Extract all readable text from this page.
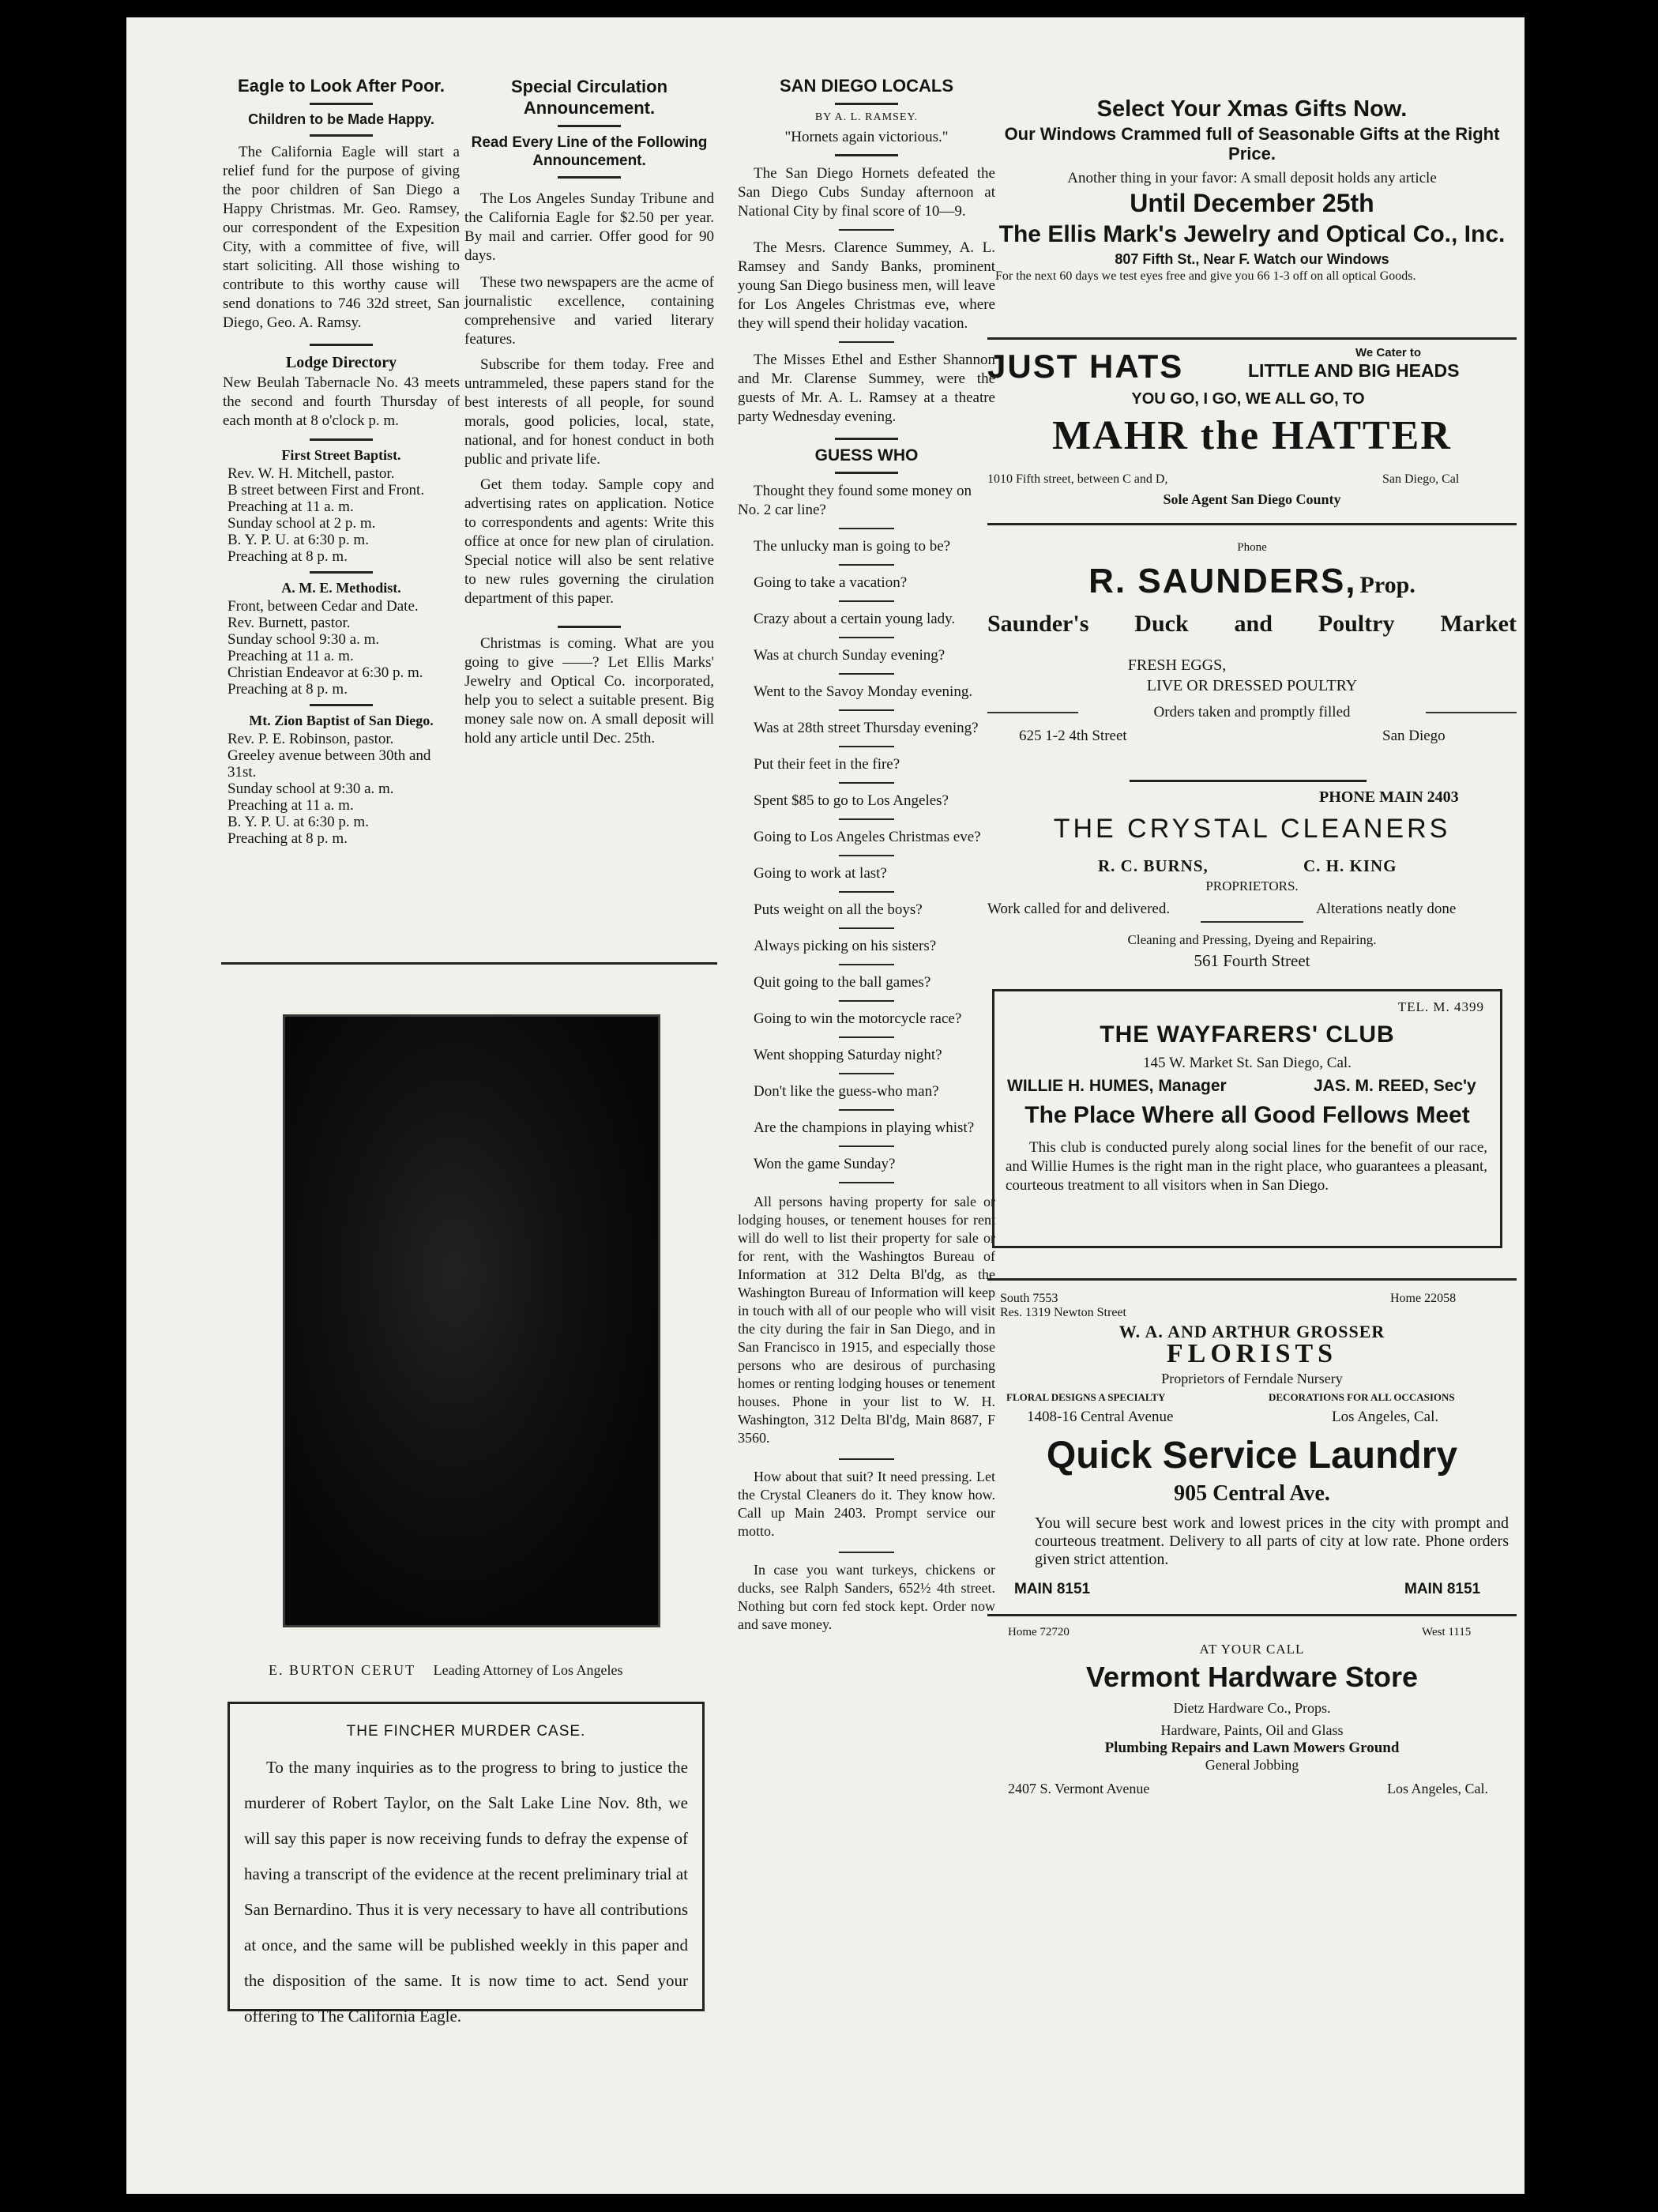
Eagle to Look After Poor.

Children to be Made Happy.

The California Eagle will start a relief fund for the purpose of giving the poor children of San Diego a Happy Christmas. Mr. Geo. Ramsey, our correspondent of the Expesition City, with a committee of five, will start soliciting. All those wishing to contribute to this worthy cause will send donations to 746 32d street, San Diego, Geo. A. Ramsy.

Lodge Directory

New Beulah Tabernacle No. 43 meets the second and fourth Thursday of each month at 8 o'clock p. m.

First Street Baptist.

Rev. W. H. Mitchell, pastor.

B street between First and Front.

Preaching at 11 a. m.

Sunday school at 2 p. m.

B. Y. P. U. at 6:30 p. m.

Preaching at 8 p. m.

A. M. E. Methodist.

Front, between Cedar and Date.

Rev. Burnett, pastor.

Sunday school 9:30 a. m.

Preaching at 11 a. m.

Christian Endeavor at 6:30 p. m.

Preaching at 8 p. m.

Mt. Zion Baptist of San Diego.

Rev. P. E. Robinson, pastor.

Greeley avenue between 30th and 31st.

Sunday school at 9:30 a. m.

Preaching at 11 a. m.

B. Y. P. U. at 6:30 p. m.

Preaching at 8 p. m.

Special Circulation Announcement.

Read Every Line of the Following Announcement.

The Los Angeles Sunday Tribune and the California Eagle for $2.50 per year. By mail and carrier. Offer good for 90 days.

These two newspapers are the acme of journalistic excellence, containing comprehensive and varied literary features.

Subscribe for them today. Free and untrammeled, these papers stand for the best interests of all people, for sound morals, good policies, local, state, national, and for honest conduct in both public and private life.

Get them today. Sample copy and advertising rates on application. Notice to correspondents and agents: Write this office at once for new plan of cirulation. Special notice will also be sent relative to new rules governing the cirulation department of this paper.

Christmas is coming. What are you going to give ——? Let Ellis Marks' Jewelry and Optical Co. incorporated, help you to select a suitable present. Big money sale now on. A small deposit will hold any article until Dec. 25th.

E. BURTON CERUT Leading Attorney of Los Angeles

THE FINCHER MURDER CASE.

To the many inquiries as to the progress to bring to justice the murderer of Robert Taylor, on the Salt Lake Line Nov. 8th, we will say this paper is now receiving funds to defray the expense of having a transcript of the evidence at the recent preliminary trial at San Bernardino. Thus it is very necessary to have all contributions at once, and the same will be published weekly in this paper and the disposition of the same. It is now time to act. Send your offering to The California Eagle.

SAN DIEGO LOCALS

BY A. L. RAMSEY.

"Hornets again victorious."

The San Diego Hornets defeated the San Diego Cubs Sunday afternoon at National City by final score of 10—9.

The Mesrs. Clarence Summey, A. L. Ramsey and Sandy Banks, prominent young San Diego business men, will leave for Los Angeles Christmas eve, where they will spend their holiday vacation.

The Misses Ethel and Esther Shannon and Mr. Clarense Summey, were the guests of Mr. A. L. Ramsey at a theatre party Wednesday evening.

GUESS WHO

Thought they found some money on No. 2 car line?

The unlucky man is going to be?

Going to take a vacation?

Crazy about a certain young lady.

Was at church Sunday evening?

Went to the Savoy Monday evening.

Was at 28th street Thursday evening?

Put their feet in the fire?

Spent $85 to go to Los Angeles?

Going to Los Angeles Christmas eve?

Going to work at last?

Puts weight on all the boys?

Always picking on his sisters?

Quit going to the ball games?

Going to win the motorcycle race?

Went shopping Saturday night?

Don't like the guess-who man?

Are the champions in playing whist?

Won the game Sunday?

All persons having property for sale or lodging houses, or tenement houses for rent will do well to list their property for sale or for rent, with the Washingtos Bureau of Information at 312 Delta Bl'dg, as the Washington Bureau of Information will keep in touch with all of our people who will visit the city during the fair in San Diego, and in San Francisco in 1915, and especially those persons who are desirous of purchasing homes or renting lodging houses or tenement houses. Phone in your list to W. H. Washington, 312 Delta Bl'dg, Main 8687, F 3560.

How about that suit? It need pressing. Let the Crystal Cleaners do it. They know how. Call up Main 2403. Prompt service our motto.

In case you want turkeys, chickens or ducks, see Ralph Sanders, 652½ 4th street. Nothing but corn fed stock kept. Order now and save money.

Select Your Xmas Gifts Now.

Our Windows Crammed full of Seasonable Gifts at the Right Price.

Another thing in your favor: A small deposit holds any article

Until December 25th

The Ellis Mark's Jewelry and Optical Co., Inc.

807 Fifth St., Near F. Watch our Windows

For the next 60 days we test eyes free and give you 66 1-3 off on all optical Goods.

JUST HATS	We Cater to

LITTLE AND BIG HEADS

YOU GO, I GO, WE ALL GO, TO

MAHR the HATTER

1010 Fifth street, between C and D,	San Diego, Cal

Sole Agent San Diego County

Phone

R. SAUNDERS, Prop.
Saunder's Duck and Poultry Market

FRESH EGGS,

LIVE OR DRESSED POULTRY

Orders taken and promptly filled

625 1-2 4th Street	San Diego

PHONE MAIN 2403

THE CRYSTAL CLEANERS

R. C. BURNS,	C. H. KING

PROPRIETORS.

Work called for and delivered.	Alterations neatly done

Cleaning and Pressing, Dyeing and Repairing.

561 Fourth Street

TEL. M. 4399

THE WAYFARERS' CLUB

145 W. Market St. San Diego, Cal.

WILLIE H. HUMES, Manager	JAS. M. REED, Sec'y

The Place Where all Good Fellows Meet

This club is conducted purely along social lines for the benefit of our race, and Willie Humes is the right man in the right place, who guarantees a pleasant, courteous treatment to all visitors when in San Diego.

South 7553

Res. 1319 Newton Street

Home 22058

W. A. AND ARTHUR GROSSER

FLORISTS

Proprietors of Ferndale Nursery

FLORAL DESIGNS A SPECIALTY	DECORATIONS FOR ALL OCCASIONS

1408-16 Central Avenue	Los Angeles, Cal.

Quick Service Laundry

905 Central Ave.

You will secure best work and lowest prices in the city with prompt and courteous treatment. Delivery to all parts of city at low rate. Phone orders given strict attention.

MAIN 8151	MAIN 8151

Home 72720	West 1115

AT YOUR CALL

Vermont Hardware Store

Dietz Hardware Co., Props.

Hardware, Paints, Oil and Glass

Plumbing Repairs and Lawn Mowers Ground

General Jobbing

2407 S. Vermont Avenue	Los Angeles, Cal.
